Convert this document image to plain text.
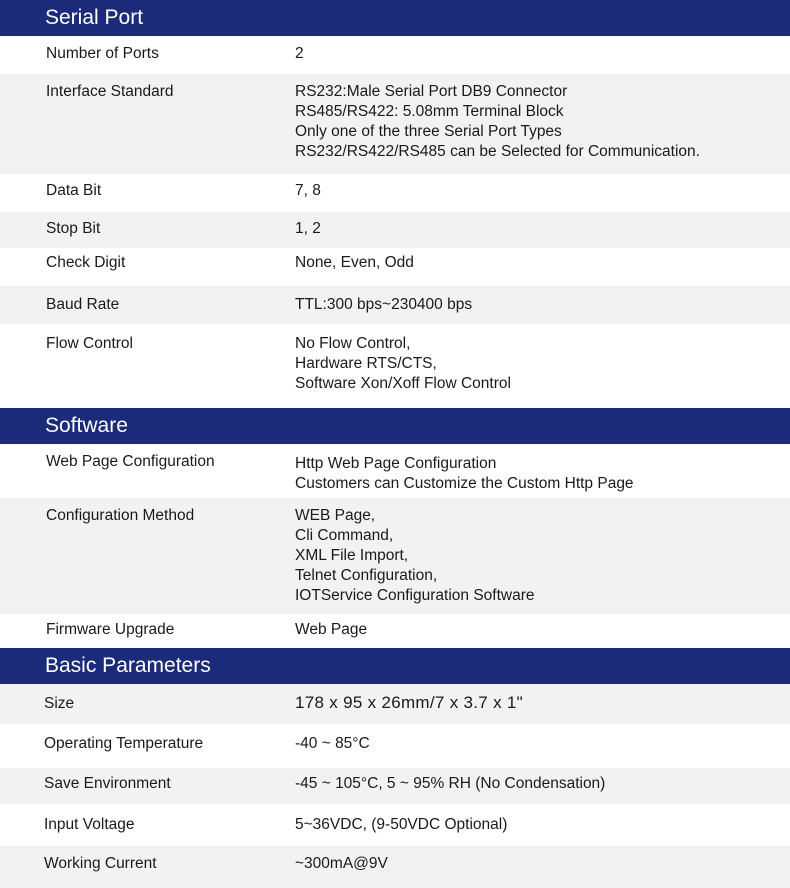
Serial Port
Number of Ports	2
Interface Standard	RS232:Male Serial Port DB9 Connector
RS485/RS422: 5.08mm Terminal Block
Only one of the three Serial Port Types
RS232/RS422/RS485 can be Selected for Communication.
Data Bit	7, 8
Stop Bit	1, 2
Check Digit	None, Even, Odd
Baud Rate	TTL:300 bps~230400 bps
Flow Control	No Flow Control,
Hardware RTS/CTS,
Software Xon/Xoff Flow Control
Software
Web Page Configuration	Http Web Page Configuration
Customers can Customize the Custom Http Page
Configuration Method	WEB Page,
Cli Command,
XML File Import,
Telnet Configuration,
IOTService Configuration Software
Firmware Upgrade	Web Page
Basic Parameters
Size	178 x 95 x 26mm/7 x 3.7 x 1"
Operating Temperature	-40 ~ 85°C
Save Environment	-45 ~ 105°C, 5 ~ 95% RH (No Condensation)
Input Voltage	5~36VDC, (9-50VDC Optional)
Working Current	~300mA@9V
